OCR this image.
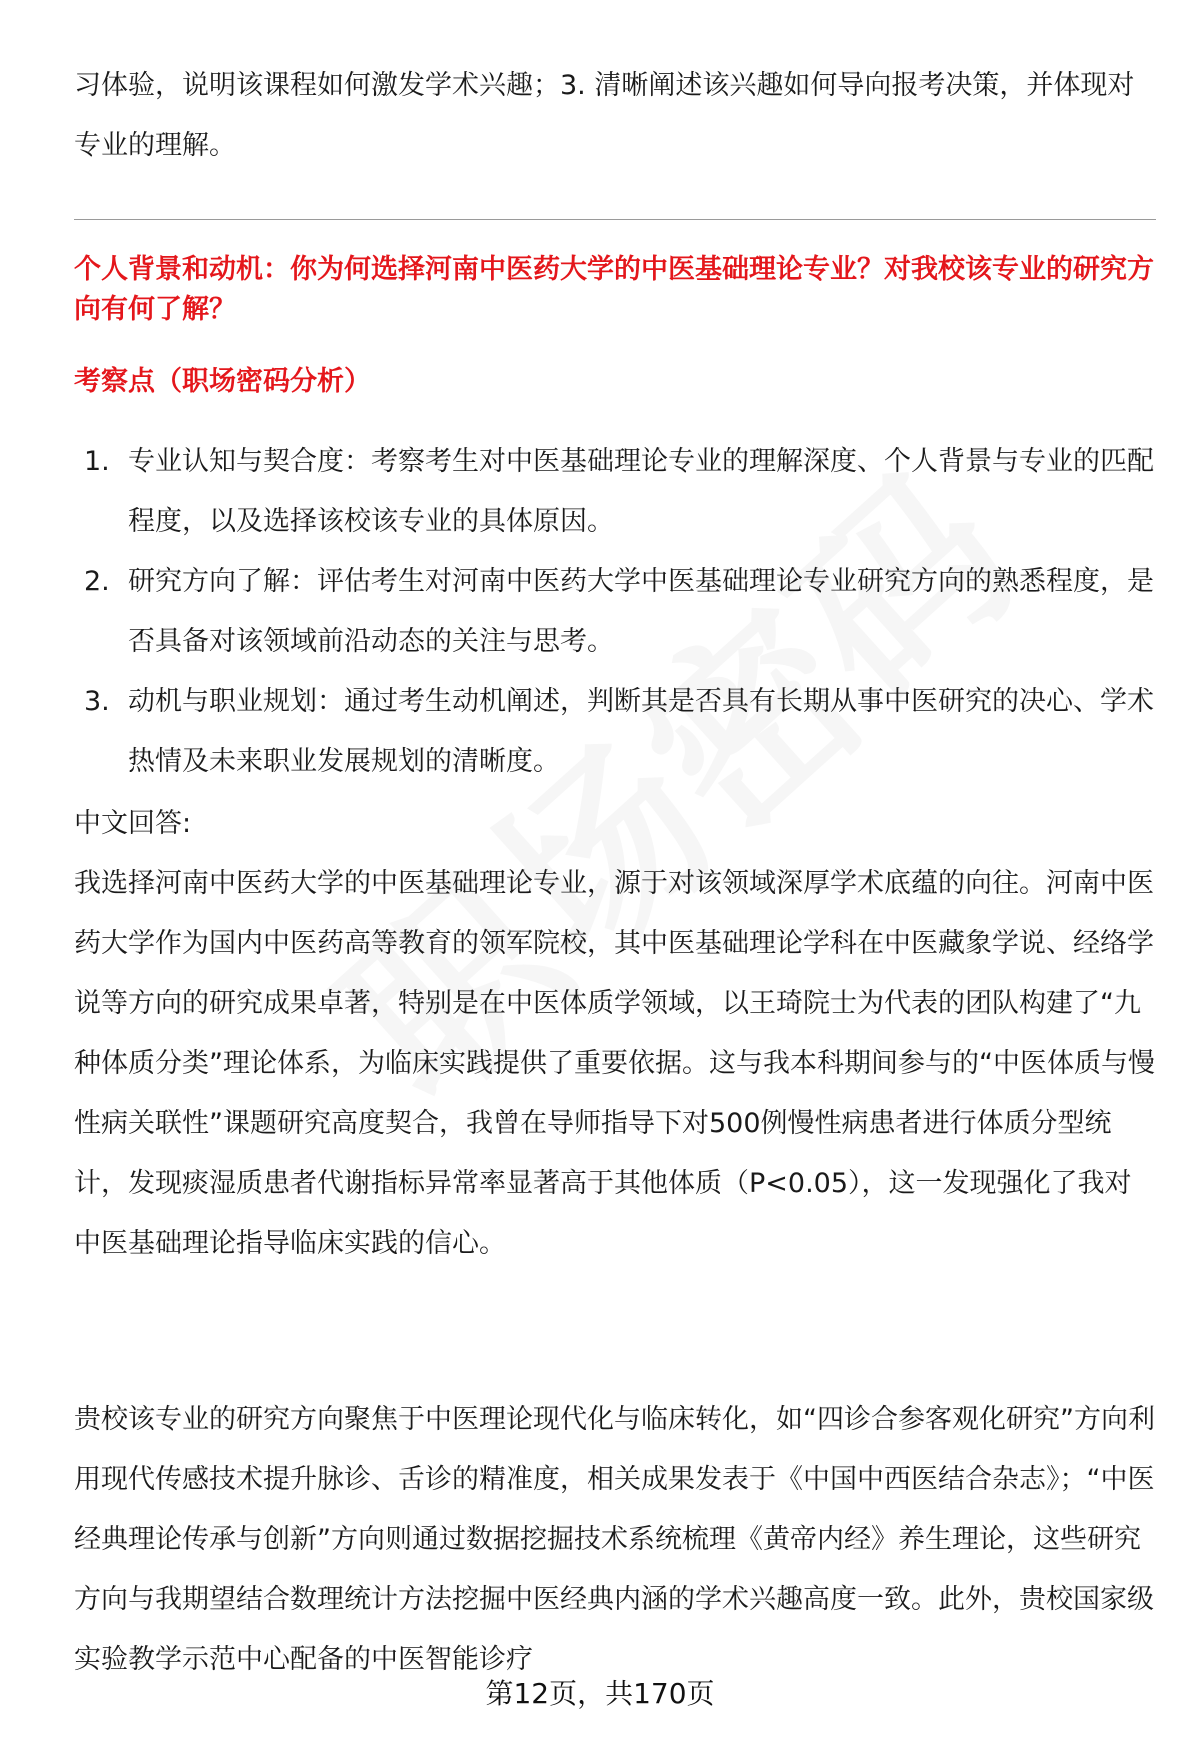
习体验，说明该课程如何激发学术兴趣；3. 清晰阐述该兴趣如何导向报考决策，并体现对专业的理解。

个人背景和动机：你为何选择河南中医药大学的中医基础理论专业？对我校该专业的研究方向有何了解？

考察点（职场密码分析）

1. 专业认知与契合度：考察考生对中医基础理论专业的理解深度、个人背景与专业的匹配程度，以及选择该校该专业的具体原因。
2. 研究方向了解：评估考生对河南中医药大学中医基础理论专业研究方向的熟悉程度，是否具备对该领域前沿动态的关注与思考。
3. 动机与职业规划：通过考生动机阐述，判断其是否具有长期从事中医研究的决心、学术热情及未来职业发展规划的清晰度。

中文回答:

我选择河南中医药大学的中医基础理论专业，源于对该领域深厚学术底蕴的向往。河南中医药大学作为国内中医药高等教育的领军院校，其中医基础理论学科在中医藏象学说、经络学说等方向的研究成果卓著，特别是在中医体质学领域，以王琦院士为代表的团队构建了“九种体质分类”理论体系，为临床实践提供了重要依据。这与我本科期间参与的“中医体质与慢性病关联性”课题研究高度契合，我曾在导师指导下对500例慢性病患者进行体质分型统计，发现痰湿质患者代谢指标异常率显著高于其他体质（P<0.05），这一发现强化了我对中医基础理论指导临床实践的信心。

贵校该专业的研究方向聚焦于中医理论现代化与临床转化，如“四诊合参客观化研究”方向利用现代传感技术提升脉诊、舌诊的精准度，相关成果发表于《中国中西医结合杂志》；“中医经典理论传承与创新”方向则通过数据挖掘技术系统梳理《黄帝内经》养生理论，这些研究方向与我期望结合数理统计方法挖掘中医经典内涵的学术兴趣高度一致。此外，贵校国家级实验教学示范中心配备的中医智能诊疗

第12页，共170页
